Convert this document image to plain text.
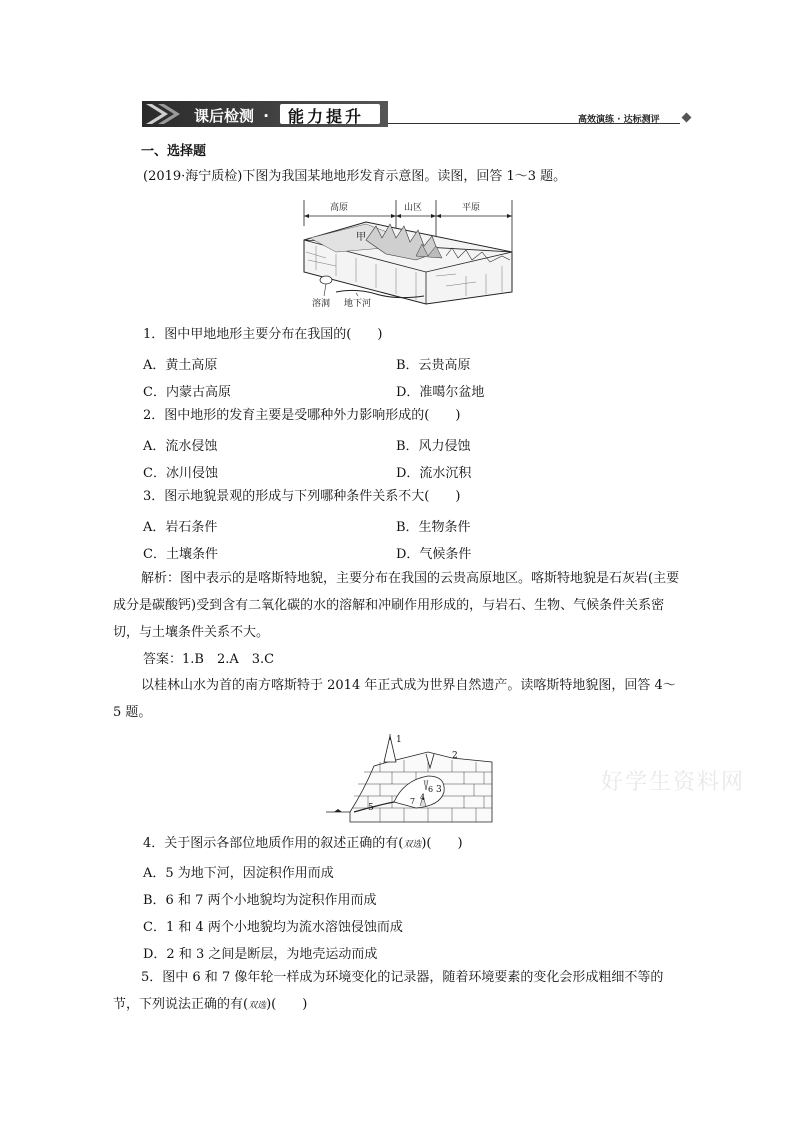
课后检测 · 能力提升	高效演练 · 达标测评
一、选择题
(2019·海宁质检)下图为我国某地地形发育示意图。读图，回答 1～3 题。
高原	山区	平原
甲
溶洞 地下河
1．图中甲地地形主要分布在我国的( )
A．黄土高原	B．云贵高原
C．内蒙古高原	D．准噶尔盆地
2．图中地形的发育主要是受哪种外力影响形成的( )
A．流水侵蚀	B．风力侵蚀
C．冰川侵蚀	D．流水沉积
3．图示地貌景观的形成与下列哪种条件关系不大( )
A．岩石条件	B．生物条件
C．土壤条件	D．气候条件
解析：图中表示的是喀斯特地貌，主要分布在我国的云贵高原地区。喀斯特地貌是石灰岩(主要成分是碳酸钙)受到含有二氧化碳的水的溶解和冲刷作用形成的，与岩石、生物、气候条件关系密切，与土壤条件关系不大。
答案：1.B　2.A　3.C
以桂林山水为首的南方喀斯特于 2014 年正式成为世界自然遗产。读喀斯特地貌图，回答 4～5 题。
1
2
6 3
4
7
5
好学生资料网
4．关于图示各部位地质作用的叙述正确的有(双选)( )
A．5 为地下河，因淀积作用而成
B．6 和 7 两个小地貌均为淀积作用而成
C．1 和 4 两个小地貌均为流水溶蚀侵蚀而成
D．2 和 3 之间是断层，为地壳运动而成
5．图中 6 和 7 像年轮一样成为环境变化的记录器，随着环境要素的变化会形成粗细不等的节，下列说法正确的有(双选)( )
